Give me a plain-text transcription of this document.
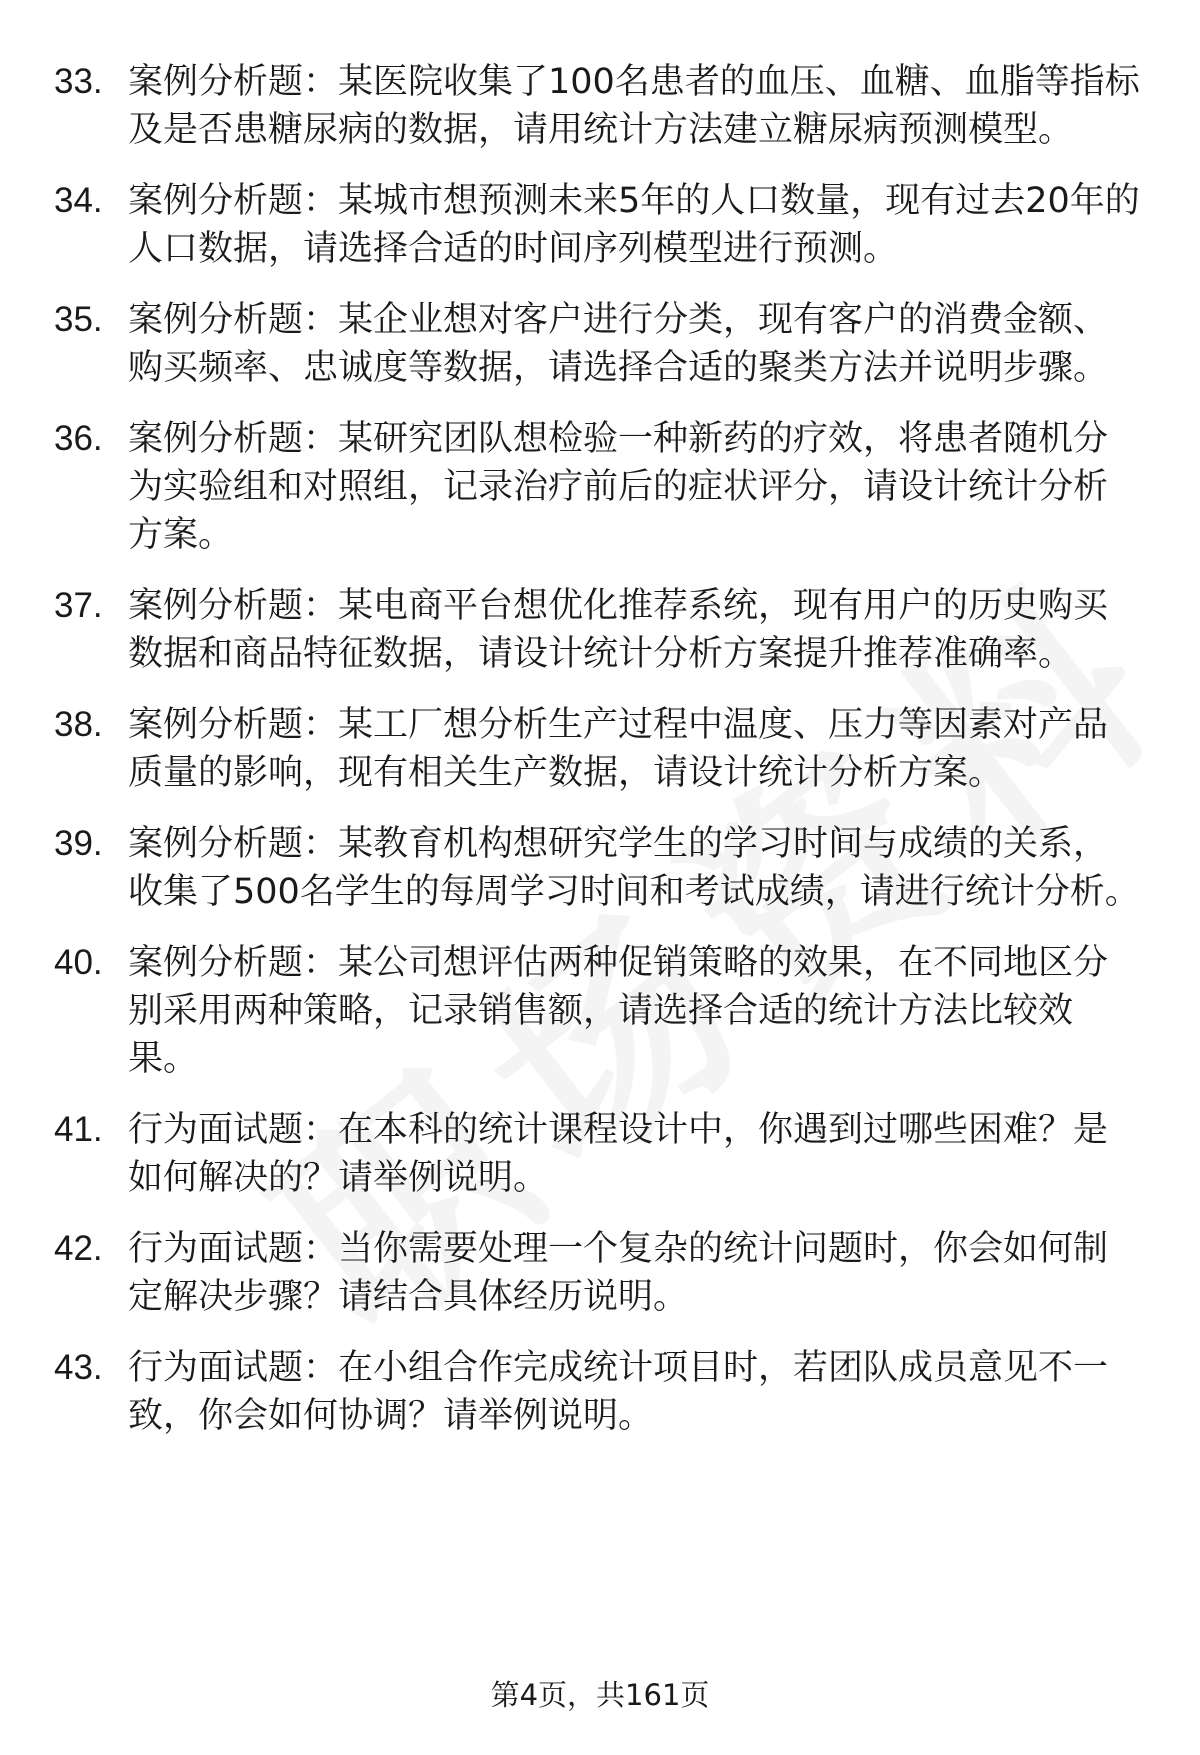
33. 案例分析题：某医院收集了100名患者的血压、血糖、血脂等指标及是否患糖尿病的数据，请用统计方法建立糖尿病预测模型。
34. 案例分析题：某城市想预测未来5年的人口数量，现有过去20年的人口数据，请选择合适的时间序列模型进行预测。
35. 案例分析题：某企业想对客户进行分类，现有客户的消费金额、购买频率、忠诚度等数据，请选择合适的聚类方法并说明步骤。
36. 案例分析题：某研究团队想检验一种新药的疗效，将患者随机分为实验组和对照组，记录治疗前后的症状评分，请设计统计分析方案。
37. 案例分析题：某电商平台想优化推荐系统，现有用户的历史购买数据和商品特征数据，请设计统计分析方案提升推荐准确率。
38. 案例分析题：某工厂想分析生产过程中温度、压力等因素对产品质量的影响，现有相关生产数据，请设计统计分析方案。
39. 案例分析题：某教育机构想研究学生的学习时间与成绩的关系，收集了500名学生的每周学习时间和考试成绩，请进行统计分析。
40. 案例分析题：某公司想评估两种促销策略的效果，在不同地区分别采用两种策略，记录销售额，请选择合适的统计方法比较效果。
41. 行为面试题：在本科的统计课程设计中，你遇到过哪些困难？是如何解决的？请举例说明。
42. 行为面试题：当你需要处理一个复杂的统计问题时，你会如何制定解决步骤？请结合具体经历说明。
43. 行为面试题：在小组合作完成统计项目时，若团队成员意见不一致，你会如何协调？请举例说明。
第4页，共161页
